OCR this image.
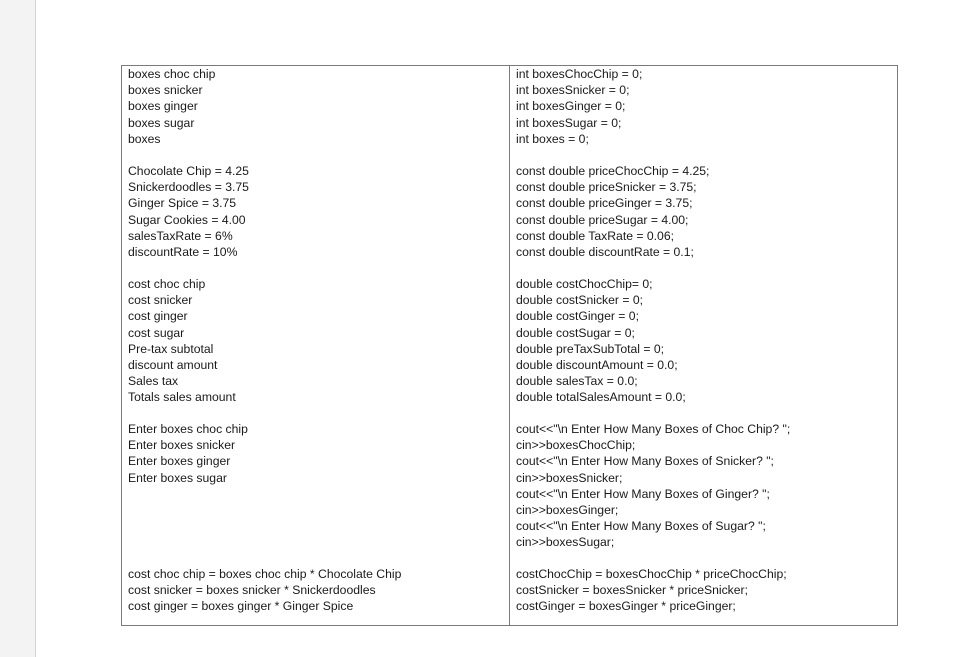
boxes choc chip
boxes snicker
boxes ginger
boxes sugar
boxes
Chocolate Chip = 4.25
Snickerdoodles = 3.75
Ginger Spice = 3.75
Sugar Cookies = 4.00
salesTaxRate = 6%
discountRate = 10%
cost choc chip
cost snicker
cost ginger
cost sugar
Pre-tax subtotal
discount amount
Sales tax
Totals sales amount
Enter boxes choc chip
Enter boxes snicker
Enter boxes ginger
Enter boxes sugar
cost choc chip = boxes choc chip * Chocolate Chip
cost snicker = boxes snicker * Snickerdoodles
cost ginger = boxes ginger * Ginger Spice
int boxesChocChip = 0;
int boxesSnicker = 0;
int boxesGinger = 0;
int boxesSugar = 0;
int boxes = 0;
const double priceChocChip = 4.25;
const double priceSnicker = 3.75;
const double priceGinger = 3.75;
const double priceSugar = 4.00;
const double TaxRate = 0.06;
const double discountRate = 0.1;
double costChocChip= 0;
double costSnicker = 0;
double costGinger = 0;
double costSugar = 0;
double preTaxSubTotal = 0;
double discountAmount = 0.0;
double salesTax = 0.0;
double totalSalesAmount = 0.0;
cout<<"\n Enter How Many Boxes of Choc Chip? ";
cin>>boxesChocChip;
cout<<"\n Enter How Many Boxes of Snicker? ";
cin>>boxesSnicker;
cout<<"\n Enter How Many Boxes of Ginger? ";
cin>>boxesGinger;
cout<<"\n Enter How Many Boxes of Sugar? ";
cin>>boxesSugar;
costChocChip = boxesChocChip * priceChocChip;
costSnicker = boxesSnicker * priceSnicker;
costGinger = boxesGinger * priceGinger;
